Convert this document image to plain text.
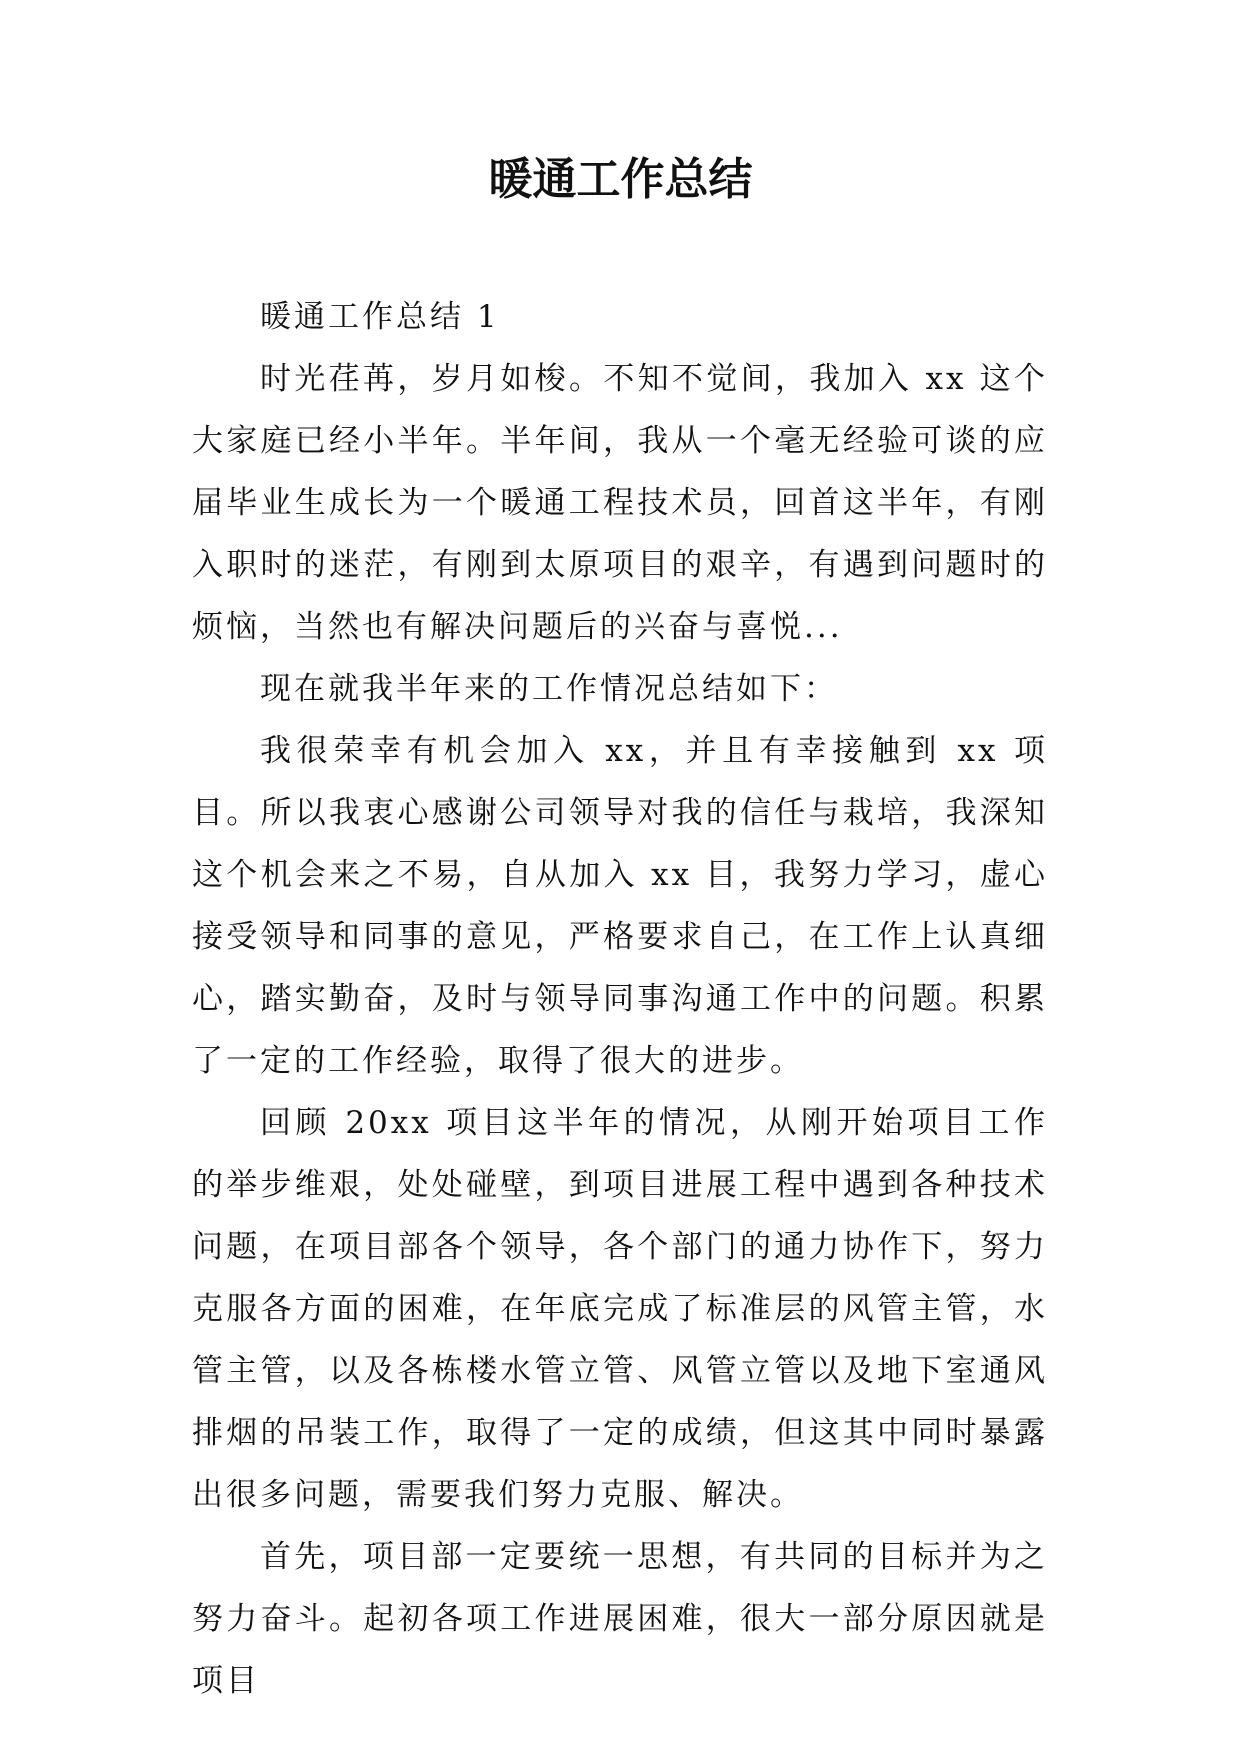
暖通工作总结

暖通工作总结 1

时光荏苒，岁月如梭。不知不觉间，我加入 xx 这个大家庭已经小半年。半年间，我从一个毫无经验可谈的应届毕业生成长为一个暖通工程技术员，回首这半年，有刚入职时的迷茫，有刚到太原项目的艰辛，有遇到问题时的烦恼，当然也有解决问题后的兴奋与喜悦...

现在就我半年来的工作情况总结如下：

我很荣幸有机会加入 xx，并且有幸接触到 xx 项目。所以我衷心感谢公司领导对我的信任与栽培，我深知这个机会来之不易，自从加入 xx 目，我努力学习，虚心接受领导和同事的意见，严格要求自己，在工作上认真细心，踏实勤奋，及时与领导同事沟通工作中的问题。积累了一定的工作经验，取得了很大的进步。

回顾 20xx 项目这半年的情况，从刚开始项目工作的举步维艰，处处碰壁，到项目进展工程中遇到各种技术问题，在项目部各个领导，各个部门的通力协作下，努力克服各方面的困难，在年底完成了标准层的风管主管，水管主管，以及各栋楼水管立管、风管立管以及地下室通风排烟的吊装工作，取得了一定的成绩，但这其中同时暴露出很多问题，需要我们努力克服、解决。

首先，项目部一定要统一思想，有共同的目标并为之努力奋斗。起初各项工作进展困难，很大一部分原因就是项目
